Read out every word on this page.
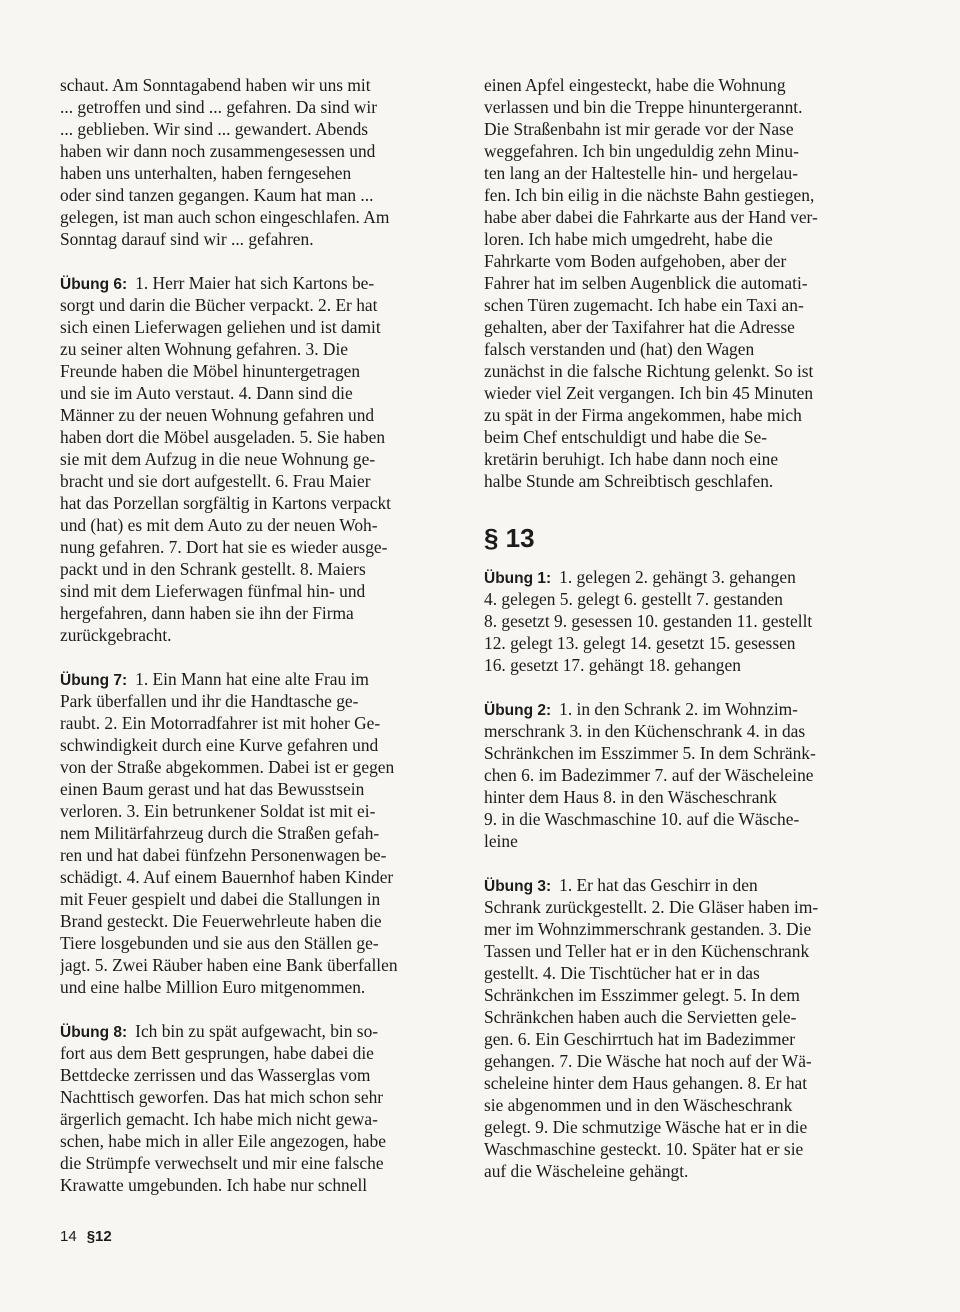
schaut. Am Sonntagabend haben wir uns mit

... getroffen und sind ... gefahren. Da sind wir

... geblieben. Wir sind ... gewandert. Abends

haben wir dann noch zusammengesessen und

haben uns unterhalten, haben ferngesehen

oder sind tanzen gegangen. Kaum hat man ...

gelegen, ist man auch schon eingeschlafen. Am

Sonntag darauf sind wir ... gefahren.

Übung 6: 1. Herr Maier hat sich Kartons be-

sorgt und darin die Bücher verpackt. 2. Er hat

sich einen Lieferwagen geliehen und ist damit

zu seiner alten Wohnung gefahren. 3. Die

Freunde haben die Möbel hinuntergetragen

und sie im Auto verstaut. 4. Dann sind die

Männer zu der neuen Wohnung gefahren und

haben dort die Möbel ausgeladen. 5. Sie haben

sie mit dem Aufzug in die neue Wohnung ge-

bracht und sie dort aufgestellt. 6. Frau Maier

hat das Porzellan sorgfältig in Kartons verpackt

und (hat) es mit dem Auto zu der neuen Woh-

nung gefahren. 7. Dort hat sie es wieder ausge-

packt und in den Schrank gestellt. 8. Maiers

sind mit dem Lieferwagen fünfmal hin- und

hergefahren, dann haben sie ihn der Firma

zurückgebracht.

Übung 7: 1. Ein Mann hat eine alte Frau im

Park überfallen und ihr die Handtasche ge-

raubt. 2. Ein Motorradfahrer ist mit hoher Ge-

schwindigkeit durch eine Kurve gefahren und

von der Straße abgekommen. Dabei ist er gegen

einen Baum gerast und hat das Bewusstsein

verloren. 3. Ein betrunkener Soldat ist mit ei-

nem Militärfahrzeug durch die Straßen gefah-

ren und hat dabei fünfzehn Personenwagen be-

schädigt. 4. Auf einem Bauernhof haben Kinder

mit Feuer gespielt und dabei die Stallungen in

Brand gesteckt. Die Feuerwehrleute haben die

Tiere losgebunden und sie aus den Ställen ge-

jagt. 5. Zwei Räuber haben eine Bank überfallen

und eine halbe Million Euro mitgenommen.

Übung 8: Ich bin zu spät aufgewacht, bin so-

fort aus dem Bett gesprungen, habe dabei die

Bettdecke zerrissen und das Wasserglas vom

Nachttisch geworfen. Das hat mich schon sehr

ärgerlich gemacht. Ich habe mich nicht gewa-

schen, habe mich in aller Eile angezogen, habe

die Strümpfe verwechselt und mir eine falsche

Krawatte umgebunden. Ich habe nur schnell

einen Apfel eingesteckt, habe die Wohnung

verlassen und bin die Treppe hinuntergerannt.

Die Straßenbahn ist mir gerade vor der Nase

weggefahren. Ich bin ungeduldig zehn Minu-

ten lang an der Haltestelle hin- und hergelau-

fen. Ich bin eilig in die nächste Bahn gestiegen,

habe aber dabei die Fahrkarte aus der Hand ver-

loren. Ich habe mich umgedreht, habe die

Fahrkarte vom Boden aufgehoben, aber der

Fahrer hat im selben Augenblick die automati-

schen Türen zugemacht. Ich habe ein Taxi an-

gehalten, aber der Taxifahrer hat die Adresse

falsch verstanden und (hat) den Wagen

zunächst in die falsche Richtung gelenkt. So ist

wieder viel Zeit vergangen. Ich bin 45 Minuten

zu spät in der Firma angekommen, habe mich

beim Chef entschuldigt und habe die Se-

kretärin beruhigt. Ich habe dann noch eine

halbe Stunde am Schreibtisch geschlafen.

§ 13

Übung 1: 1. gelegen 2. gehängt 3. gehangen

4. gelegen 5. gelegt 6. gestellt 7. gestanden

8. gesetzt 9. gesessen 10. gestanden 11. gestellt

12. gelegt 13. gelegt 14. gesetzt 15. gesessen

16. gesetzt 17. gehängt 18. gehangen

Übung 2: 1. in den Schrank 2. im Wohnzim-

merschrank 3. in den Küchenschrank 4. in das

Schränkchen im Esszimmer 5. In dem Schränk-

chen 6. im Badezimmer 7. auf der Wäscheleine

hinter dem Haus 8. in den Wäscheschrank

9. in die Waschmaschine 10. auf die Wäsche-

leine

Übung 3: 1. Er hat das Geschirr in den

Schrank zurückgestellt. 2. Die Gläser haben im-

mer im Wohnzimmerschrank gestanden. 3. Die

Tassen und Teller hat er in den Küchenschrank

gestellt. 4. Die Tischtücher hat er in das

Schränkchen im Esszimmer gelegt. 5. In dem

Schränkchen haben auch die Servietten gele-

gen. 6. Ein Geschirrtuch hat im Badezimmer

gehangen. 7. Die Wäsche hat noch auf der Wä-

scheleine hinter dem Haus gehangen. 8. Er hat

sie abgenommen und in den Wäscheschrank

gelegt. 9. Die schmutzige Wäsche hat er in die

Waschmaschine gesteckt. 10. Später hat er sie

auf die Wäscheleine gehängt.

14 §12
